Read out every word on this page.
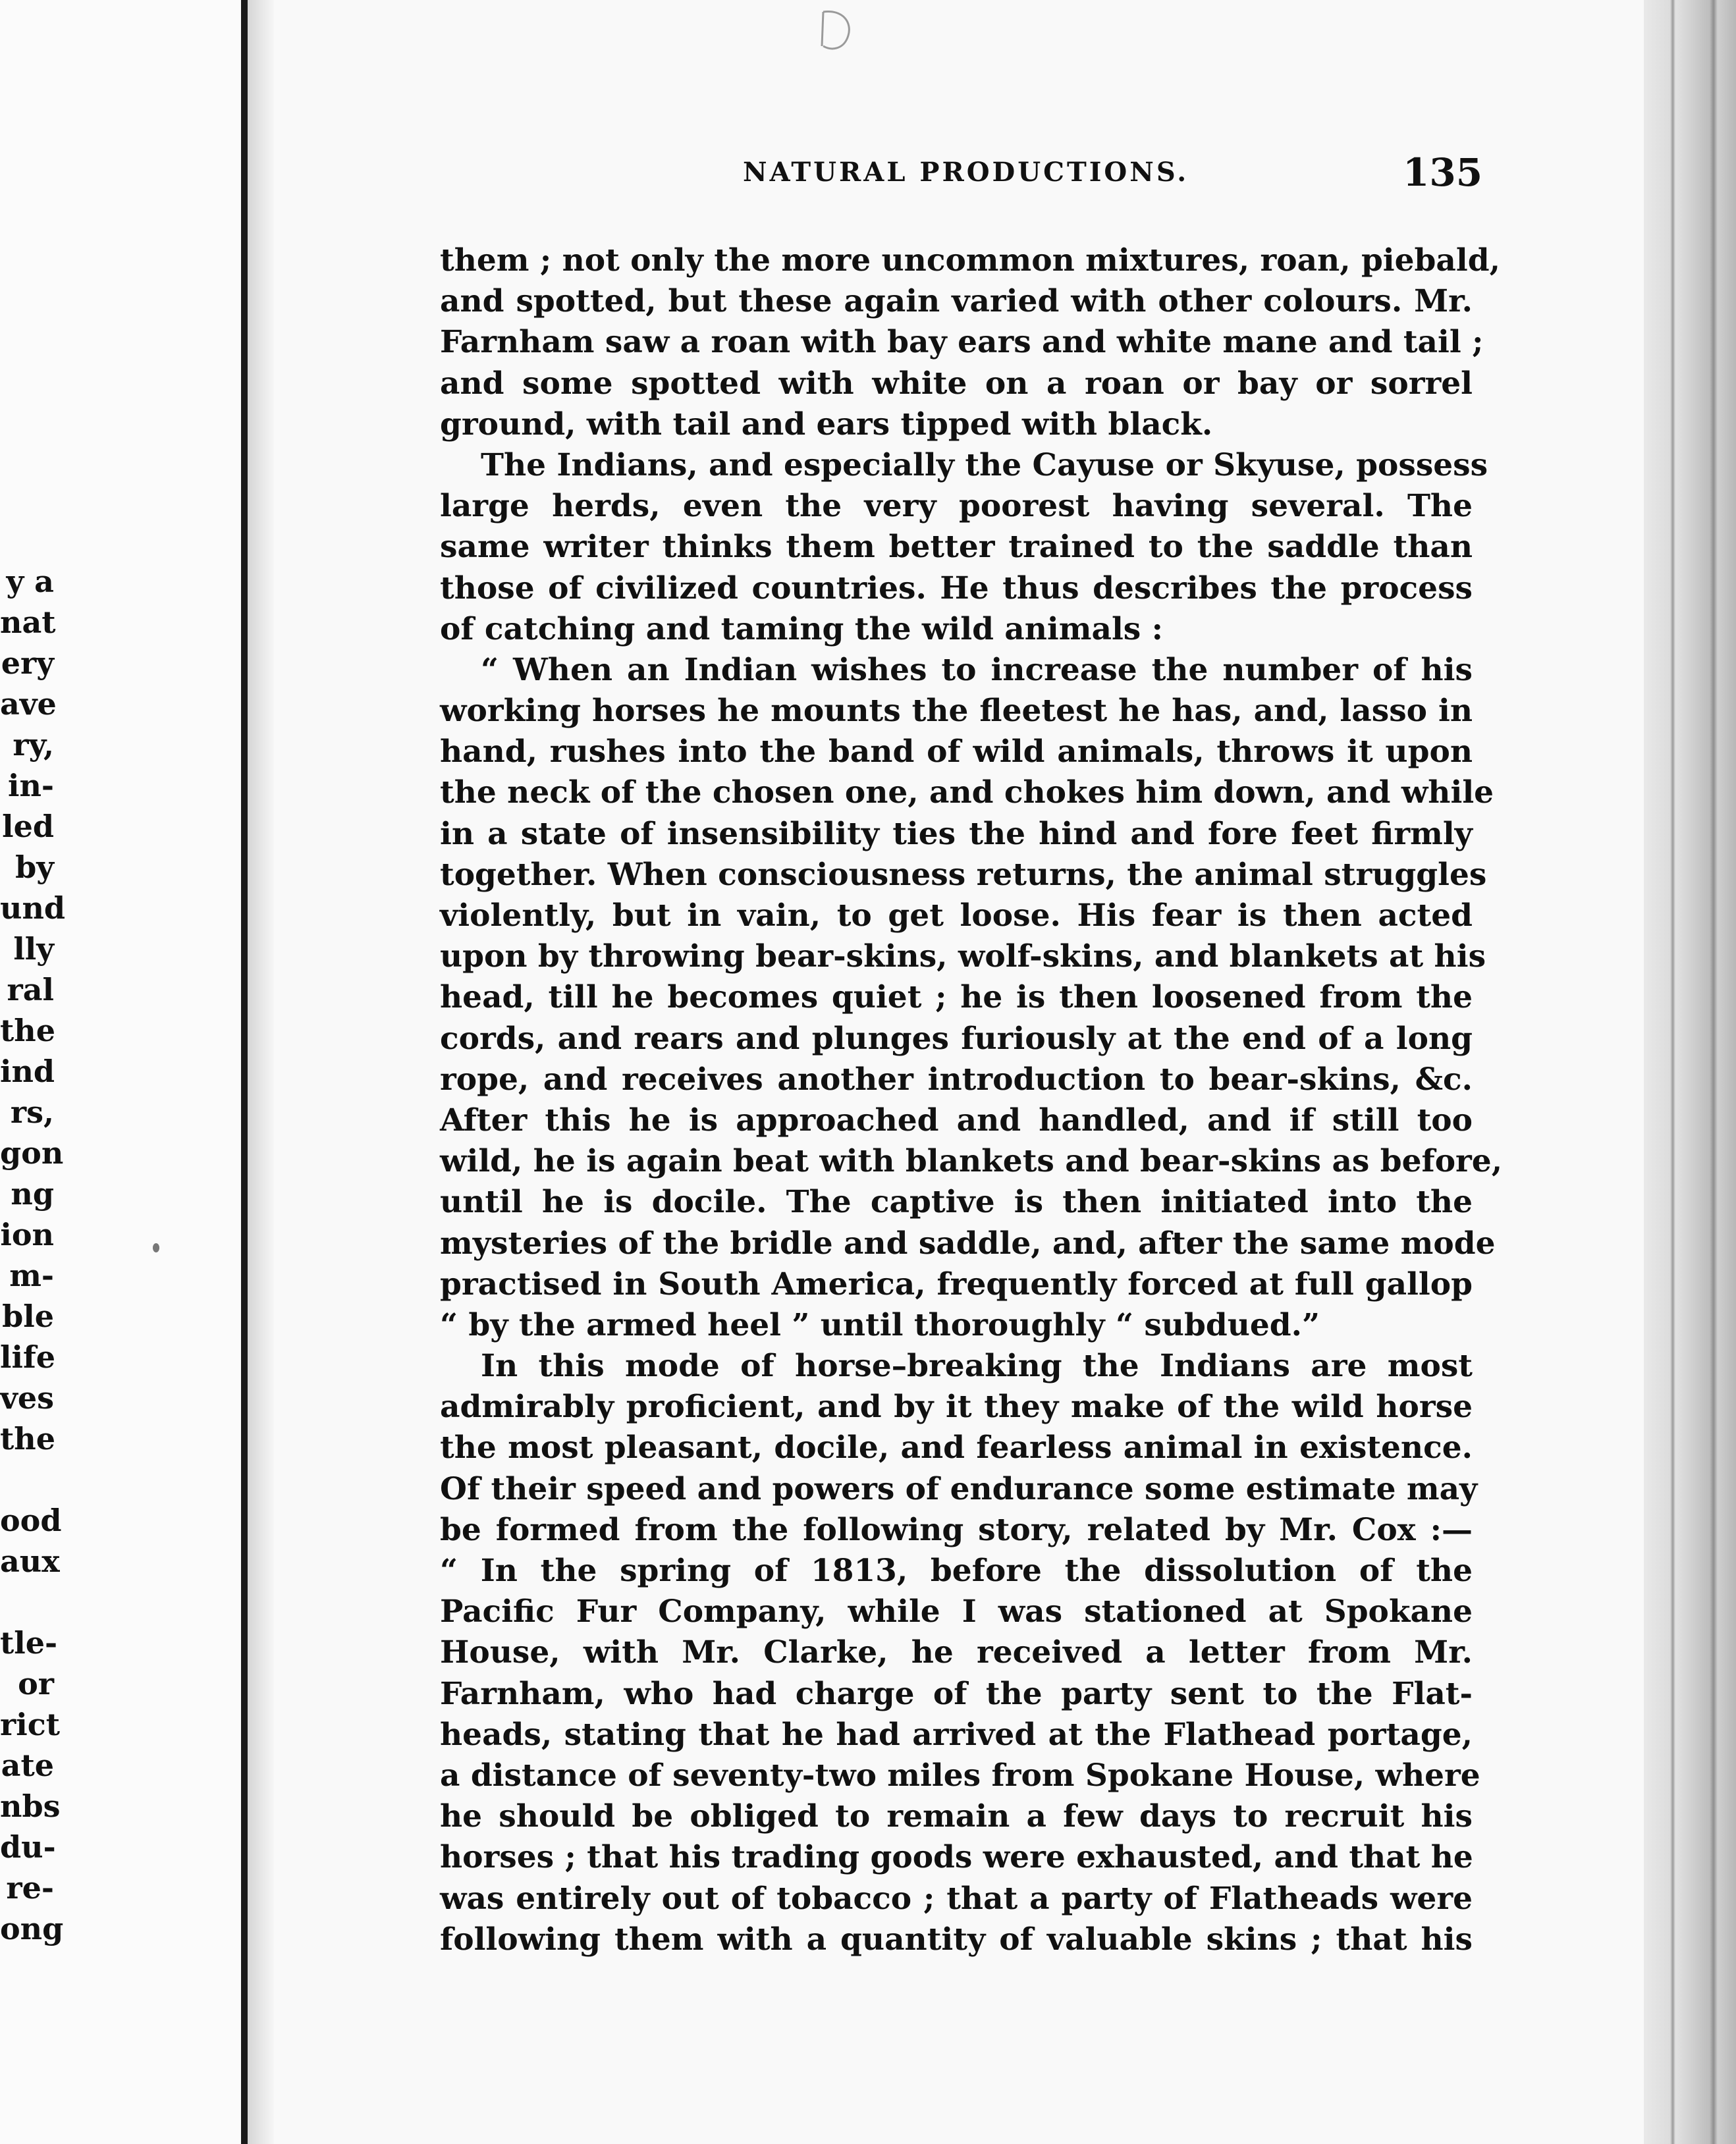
y a
nat
ery
ave
ry,
in-
led
by
und
lly
ral
the
ind
rs,
gon
ng
ion
m-
ble
life
ves
the
ood
aux
tle-
or
rict
ate
nbs
du-
re-
ong
NATURAL PRODUCTIONS.	135
them ; not only the more uncommon mixtures, roan, piebald,
and spotted, but these again varied with other colours. Mr.
Farnham saw a roan with bay ears and white mane and tail ;
and some spotted with white on a roan or bay or sorrel
ground, with tail and ears tipped with black.
The Indians, and especially the Cayuse or Skyuse, possess
large herds, even the very poorest having several. The
same writer thinks them better trained to the saddle than
those of civilized countries. He thus describes the process
of catching and taming the wild animals :
“ When an Indian wishes to increase the number of his
working horses he mounts the fleetest he has, and, lasso in
hand, rushes into the band of wild animals, throws it upon
the neck of the chosen one, and chokes him down, and while
in a state of insensibility ties the hind and fore feet firmly
together. When consciousness returns, the animal struggles
violently, but in vain, to get loose. His fear is then acted
upon by throwing bear-skins, wolf-skins, and blankets at his
head, till he becomes quiet ; he is then loosened from the
cords, and rears and plunges furiously at the end of a long
rope, and receives another introduction to bear-skins, &c.
After this he is approached and handled, and if still too
wild, he is again beat with blankets and bear-skins as before,
until he is docile. The captive is then initiated into the
mysteries of the bridle and saddle, and, after the same mode
practised in South America, frequently forced at full gallop
“ by the armed heel ” until thoroughly “ subdued.”
In this mode of horse–breaking the Indians are most
admirably proficient, and by it they make of the wild horse
the most pleasant, docile, and fearless animal in existence.
Of their speed and powers of endurance some estimate may
be formed from the following story, related by Mr. Cox :—
“ In the spring of 1813, before the dissolution of the
Pacific Fur Company, while I was stationed at Spokane
House, with Mr. Clarke, he received a letter from Mr.
Farnham, who had charge of the party sent to the Flat-
heads, stating that he had arrived at the Flathead portage,
a distance of seventy-two miles from Spokane House, where
he should be obliged to remain a few days to recruit his
horses ; that his trading goods were exhausted, and that he
was entirely out of tobacco ; that a party of Flatheads were
following them with a quantity of valuable skins ; that his
